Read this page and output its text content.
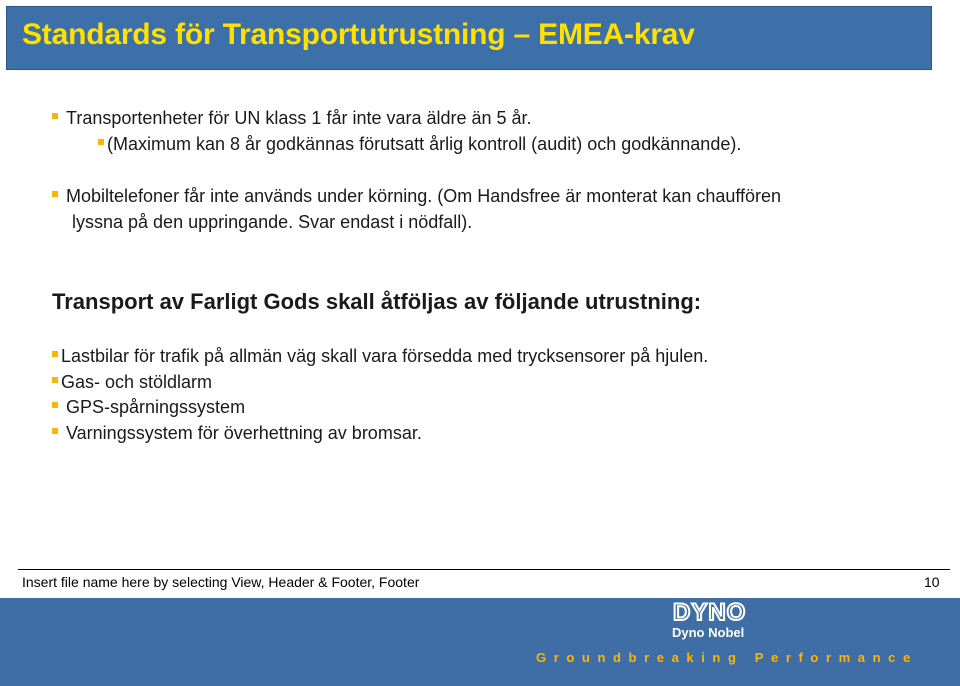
Standards för Transportutrustning – EMEA-krav
Transportenheter för UN klass 1 får inte vara äldre än 5 år.
(Maximum kan 8 år godkännas förutsatt årlig kontroll (audit) och godkännande).
Mobiltelefoner får inte används under körning. (Om Handsfree är monterat kan chauffören
lyssna på den uppringande. Svar endast i nödfall).
Transport av Farligt Gods skall åtföljas av följande utrustning:
Lastbilar för trafik på allmän väg skall vara försedda med trycksensorer på hjulen.
Gas- och stöldlarm
GPS-spårningssystem
Varningssystem för överhettning av bromsar.
Insert file name here by selecting View, Header & Footer, Footer	10
DYNO
Dyno Nobel
Groundbreaking Performance
